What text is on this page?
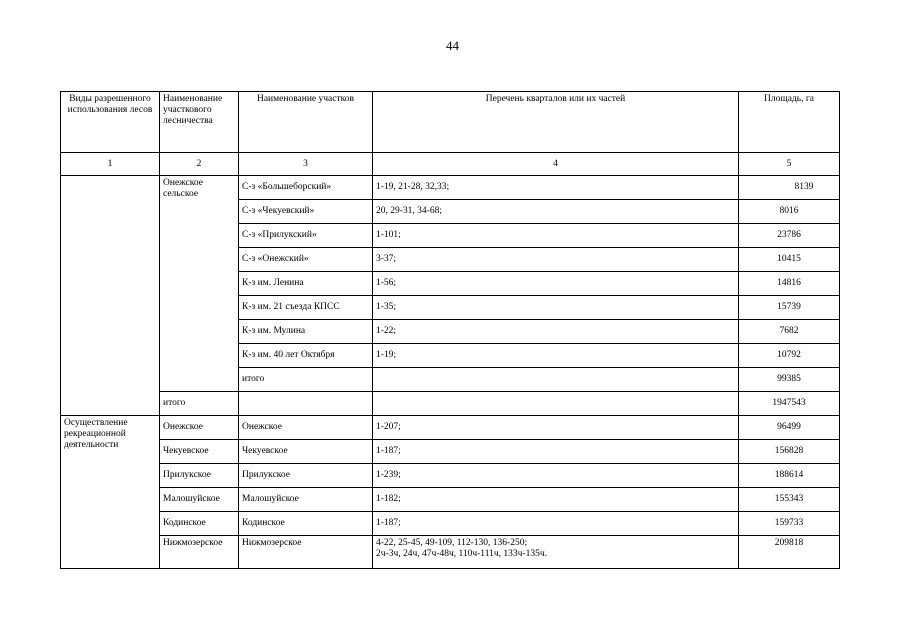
44
Виды разрешенного использования лесов	Наименование участкового лесничества	Наименование участков	Перечень кварталов или их частей	Площадь, га
1	2	3	4	5
	Онежское сельское	С-з «Большеборский»	1-19, 21-28, 32,33;	8139
		С-з «Чекуевский»	20, 29-31, 34-68;	8016
		С-з «Прилукский»	1-101;	23786
		С-з «Онежский»	3-37;	10415
		К-з им. Ленина	1-56;	14816
		К-з им. 21 съезда КПСС	1-35;	15739
		К-з им. Мулина	1-22;	7682
		К-з им. 40 лет Октября	1-19;	10792
		итого		99385
	итого			1947543
Осуществление рекреационной деятельности	Онежское	Онежское	1-207;	96499
	Чекуевское	Чекуевское	1-187;	156828
	Прилукское	Прилукское	1-239;	188614
	Малошуйское	Малошуйское	1-182;	155343
	Кодинское	Кодинское	1-187;	159733
	Нижмозерское	Нижмозерское	4-22, 25-45, 49-109, 112-130, 136-250;
2ч-3ч, 24ч, 47ч-48ч, 110ч-111ч, 133ч-135ч.	209818
